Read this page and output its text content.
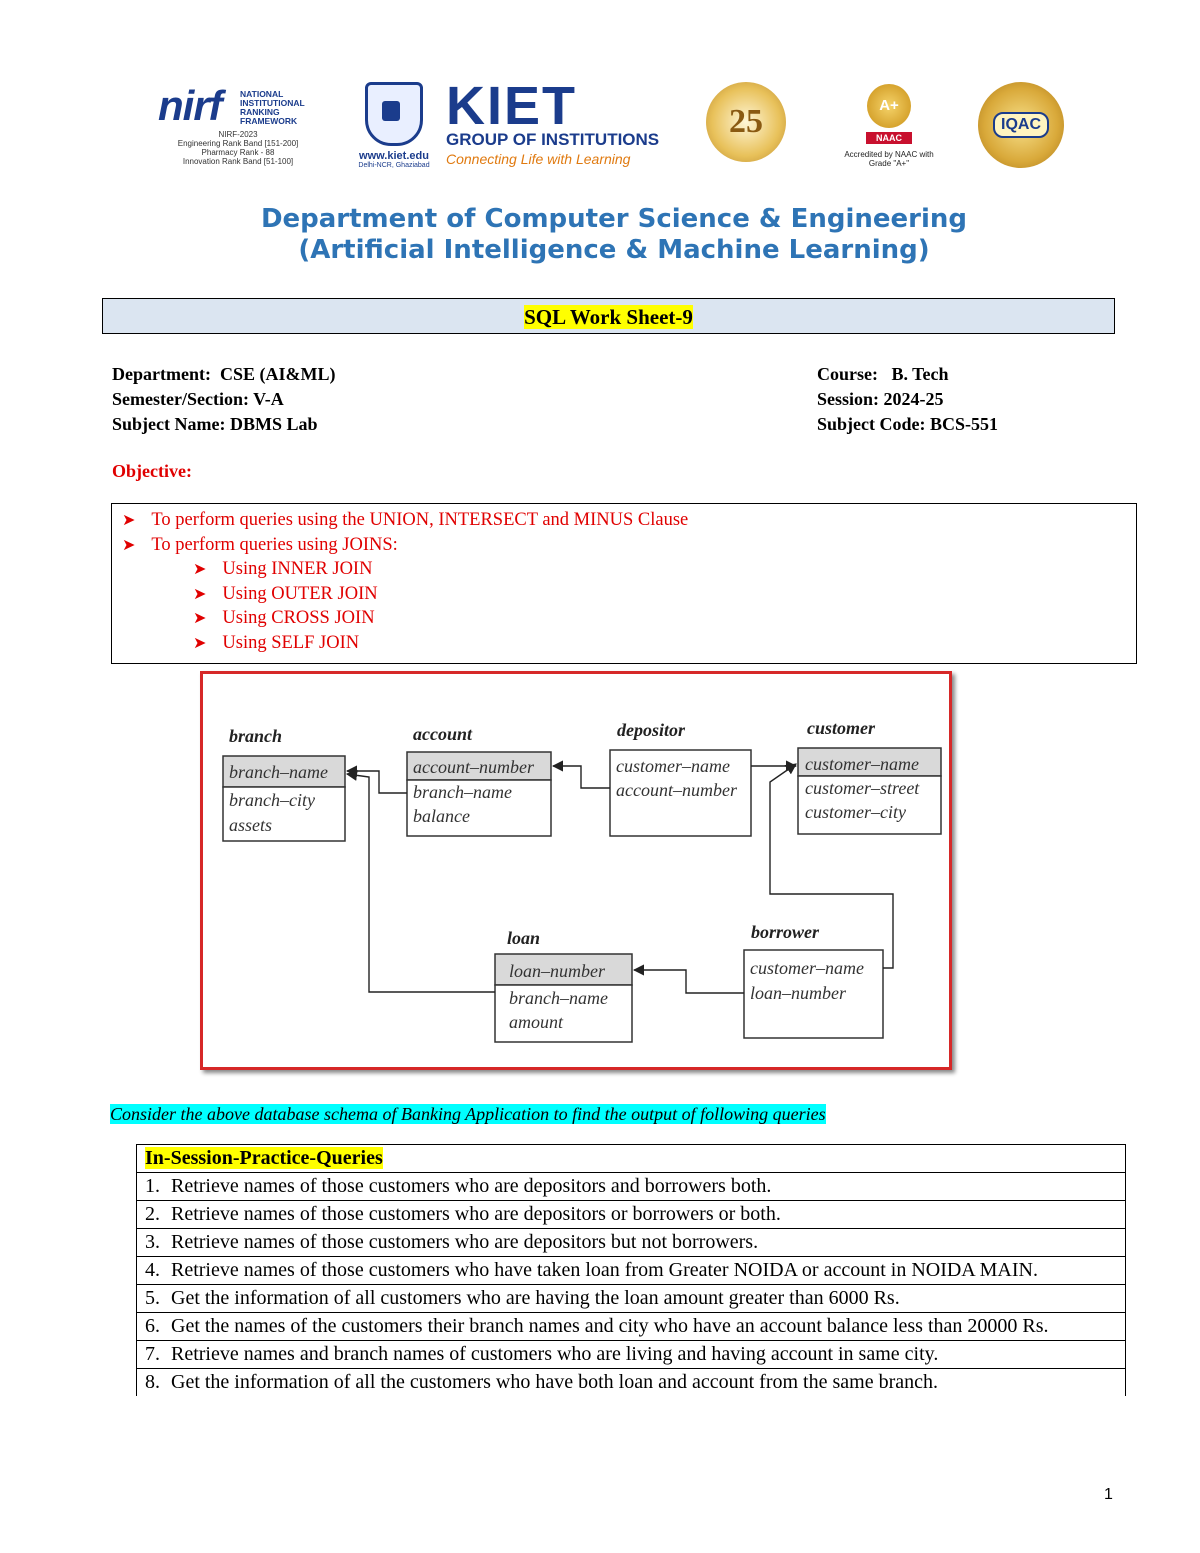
nirf	NATIONAL
INSTITUTIONAL
RANKING
FRAMEWORK
NIRF-2023
Engineering Rank Band [151-200]
Pharmacy Rank - 88
Innovation Rank Band [51-100]	www.kiet.edu
Delhi-NCR, Ghaziabad
KIET
GROUP OF INSTITUTIONS
Connecting Life with Learning
25	A+
NAAC
Accredited by NAAC with Grade "A+"
IQAC
Department of Computer Science & Engineering
(Artificial Intelligence & Machine Learning)
SQL Work Sheet-9
Department: CSE (AI&ML)
Semester/Section: V-A
Subject Name: DBMS Lab
Course: B. Tech
Session: 2024-25
Subject Code: BCS-551
Objective:
➤ To perform queries using the UNION, INTERSECT and MINUS Clause
➤ To perform queries using JOINS:
➤ Using INNER JOIN
➤ Using OUTER JOIN
➤ Using CROSS JOIN
➤ Using SELF JOIN
branch
branch–name
branch–city
assets
account
account–number
branch–name
balance
depositor
customer–name
account–number
customer
customer–name
customer–street
customer–city
loan
loan–number
branch–name
amount
borrower
customer–name
loan–number
Consider the above database schema of Banking Application to find the output of following queries
In-Session-Practice-Queries
1. Retrieve names of those customers who are depositors and borrowers both.
2. Retrieve names of those customers who are depositors or borrowers or both.
3. Retrieve names of those customers who are depositors but not borrowers.
4. Retrieve names of those customers who have taken loan from Greater NOIDA or account in NOIDA MAIN.
5. Get the information of all customers who are having the loan amount greater than 6000 Rs.
6. Get the names of the customers their branch names and city who have an account balance less than 20000 Rs.
7. Retrieve names and branch names of customers who are living and having account in same city.
8. Get the information of all the customers who have both loan and account from the same branch.
1
